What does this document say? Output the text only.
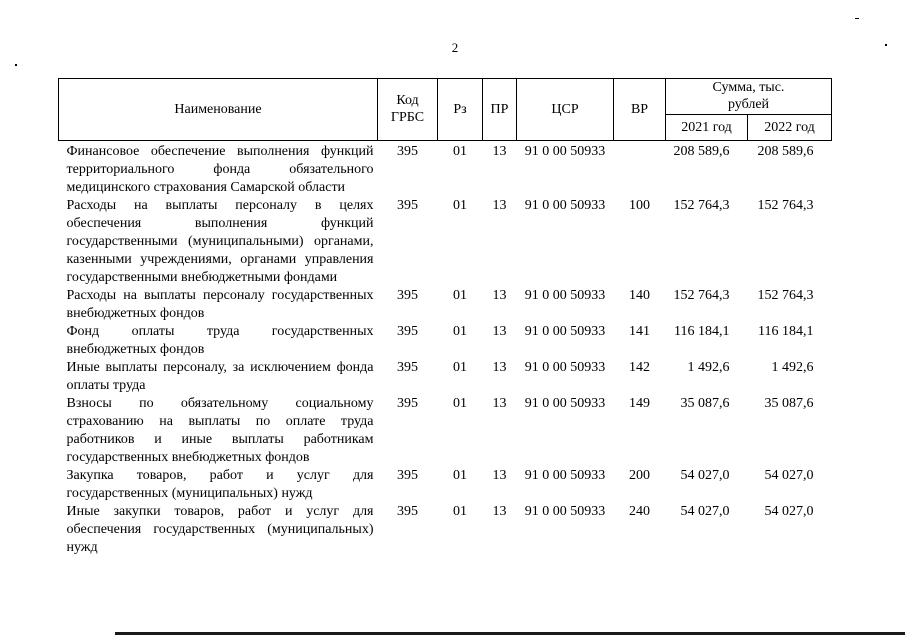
2
Наименование	Код ГРБС	Рз	ПР	ЦСР	ВР	Сумма, тыс. рублей	
						2021 год	2022 год
Финансовое обеспечение выполнения функций территориального фонда обязательного медицинского страхования Самарской области	395	01	13	91 0 00 50933		208 589,6	208 589,6
Расходы на выплаты персоналу в целях обеспечения выполнения функций государственными (муниципальными) органами, казенными учреждениями, органами управления государственными внебюджетными фондами	395	01	13	91 0 00 50933	100	152 764,3	152 764,3
Расходы на выплаты персоналу государственных внебюджетных фондов	395	01	13	91 0 00 50933	140	152 764,3	152 764,3
Фонд оплаты труда государственных внебюджетных фондов	395	01	13	91 0 00 50933	141	116 184,1	116 184,1
Иные выплаты персоналу, за исключением фонда оплаты труда	395	01	13	91 0 00 50933	142	1 492,6	1 492,6
Взносы по обязательному социальному страхованию на выплаты по оплате труда работников и иные выплаты работникам государственных внебюджетных фондов	395	01	13	91 0 00 50933	149	35 087,6	35 087,6
Закупка товаров, работ и услуг для государственных (муниципальных) нужд	395	01	13	91 0 00 50933	200	54 027,0	54 027,0
Иные закупки товаров, работ и услуг для обеспечения государственных (муниципальных) нужд	395	01	13	91 0 00 50933	240	54 027,0	54 027,0
